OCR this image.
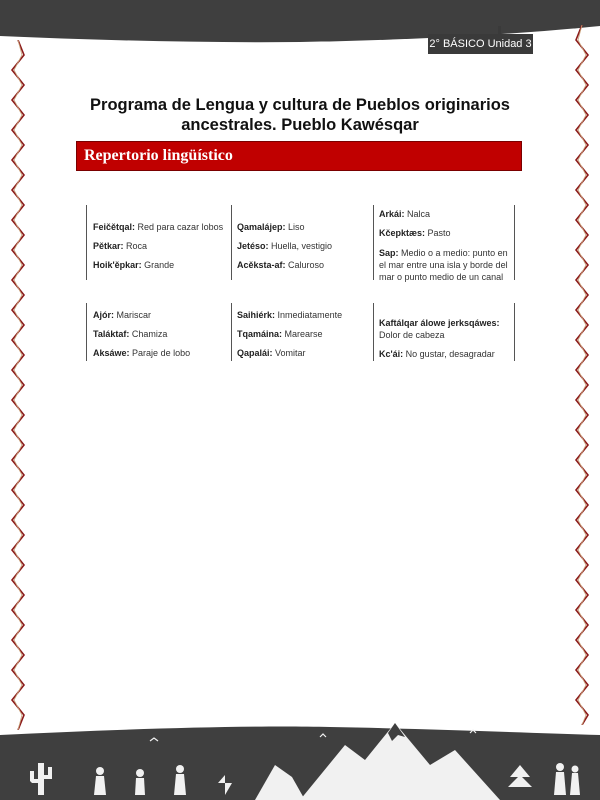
2° BÁSICO Unidad 3
Programa de Lengua y cultura de Pueblos originarios
ancestrales. Pueblo Kawésqar
Repertorio lingüístico
Feičětqal: Red para cazar lobos
Pětkar: Roca
Hoik'ěpkar: Grande
Qamalájep: Liso
Jetéso: Huella, vestigio
Acěksta-af: Caluroso
Arkái: Nalca
Kčepktæs: Pasto
Sap: Medio o a medio: punto en
el mar entre una isla y borde del
mar o punto medio de un canal
Ajór: Mariscar
Taláktaf: Chamiza
Aksáwe: Paraje de lobo
Saihiérk: Inmediatamente
Tqamáina: Marearse
Qapalái: Vomitar
Kaftálqar álowe jerksqáwes:
Dolor de cabeza
Kc'ái: No gustar, desagradar
